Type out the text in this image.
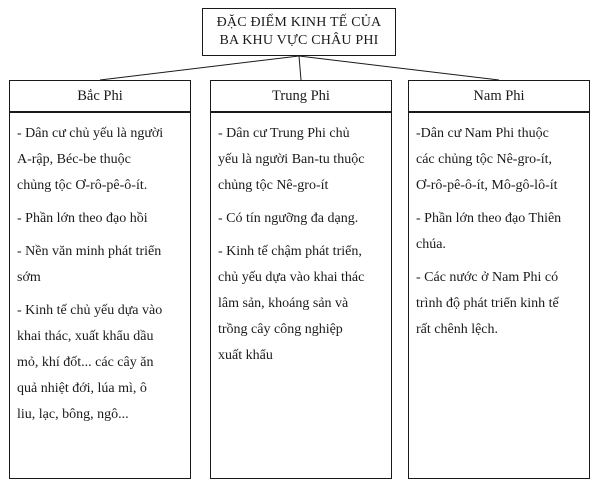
ĐẶC ĐIỂM KINH TẾ CỦA
BA KHU VỰC CHÂU PHI
Bắc Phi
- Dân cư chủ yếu là người
A-rập, Béc-be thuộc
chủng tộc Ơ-rô-pê-ô-ít.
- Phần lớn theo đạo hồi
- Nền văn minh phát triển
sớm
- Kinh tế chủ yếu dựa vào
khai thác, xuất khẩu dầu
mỏ, khí đốt... các cây ăn
quả nhiệt đới, lúa mì, ô
liu, lạc, bông, ngô...
Trung Phi
- Dân cư Trung Phi chủ
yếu là người Ban-tu thuộc
chủng tộc Nê-gro-ít
- Có tín ngưỡng đa dạng.
- Kinh tế chậm phát triển,
chủ yếu dựa vào khai thác
lâm sản, khoáng sản và
trồng cây công nghiệp
xuất khẩu
Nam Phi
-Dân cư Nam Phi thuộc
các chủng tộc Nê-gro-ít,
Ơ-rô-pê-ô-ít, Mô-gô-lô-ít
- Phần lớn theo đạo Thiên
chúa.
- Các nước ở Nam Phi có
trình độ phát triển kinh tế
rất chênh lệch.
